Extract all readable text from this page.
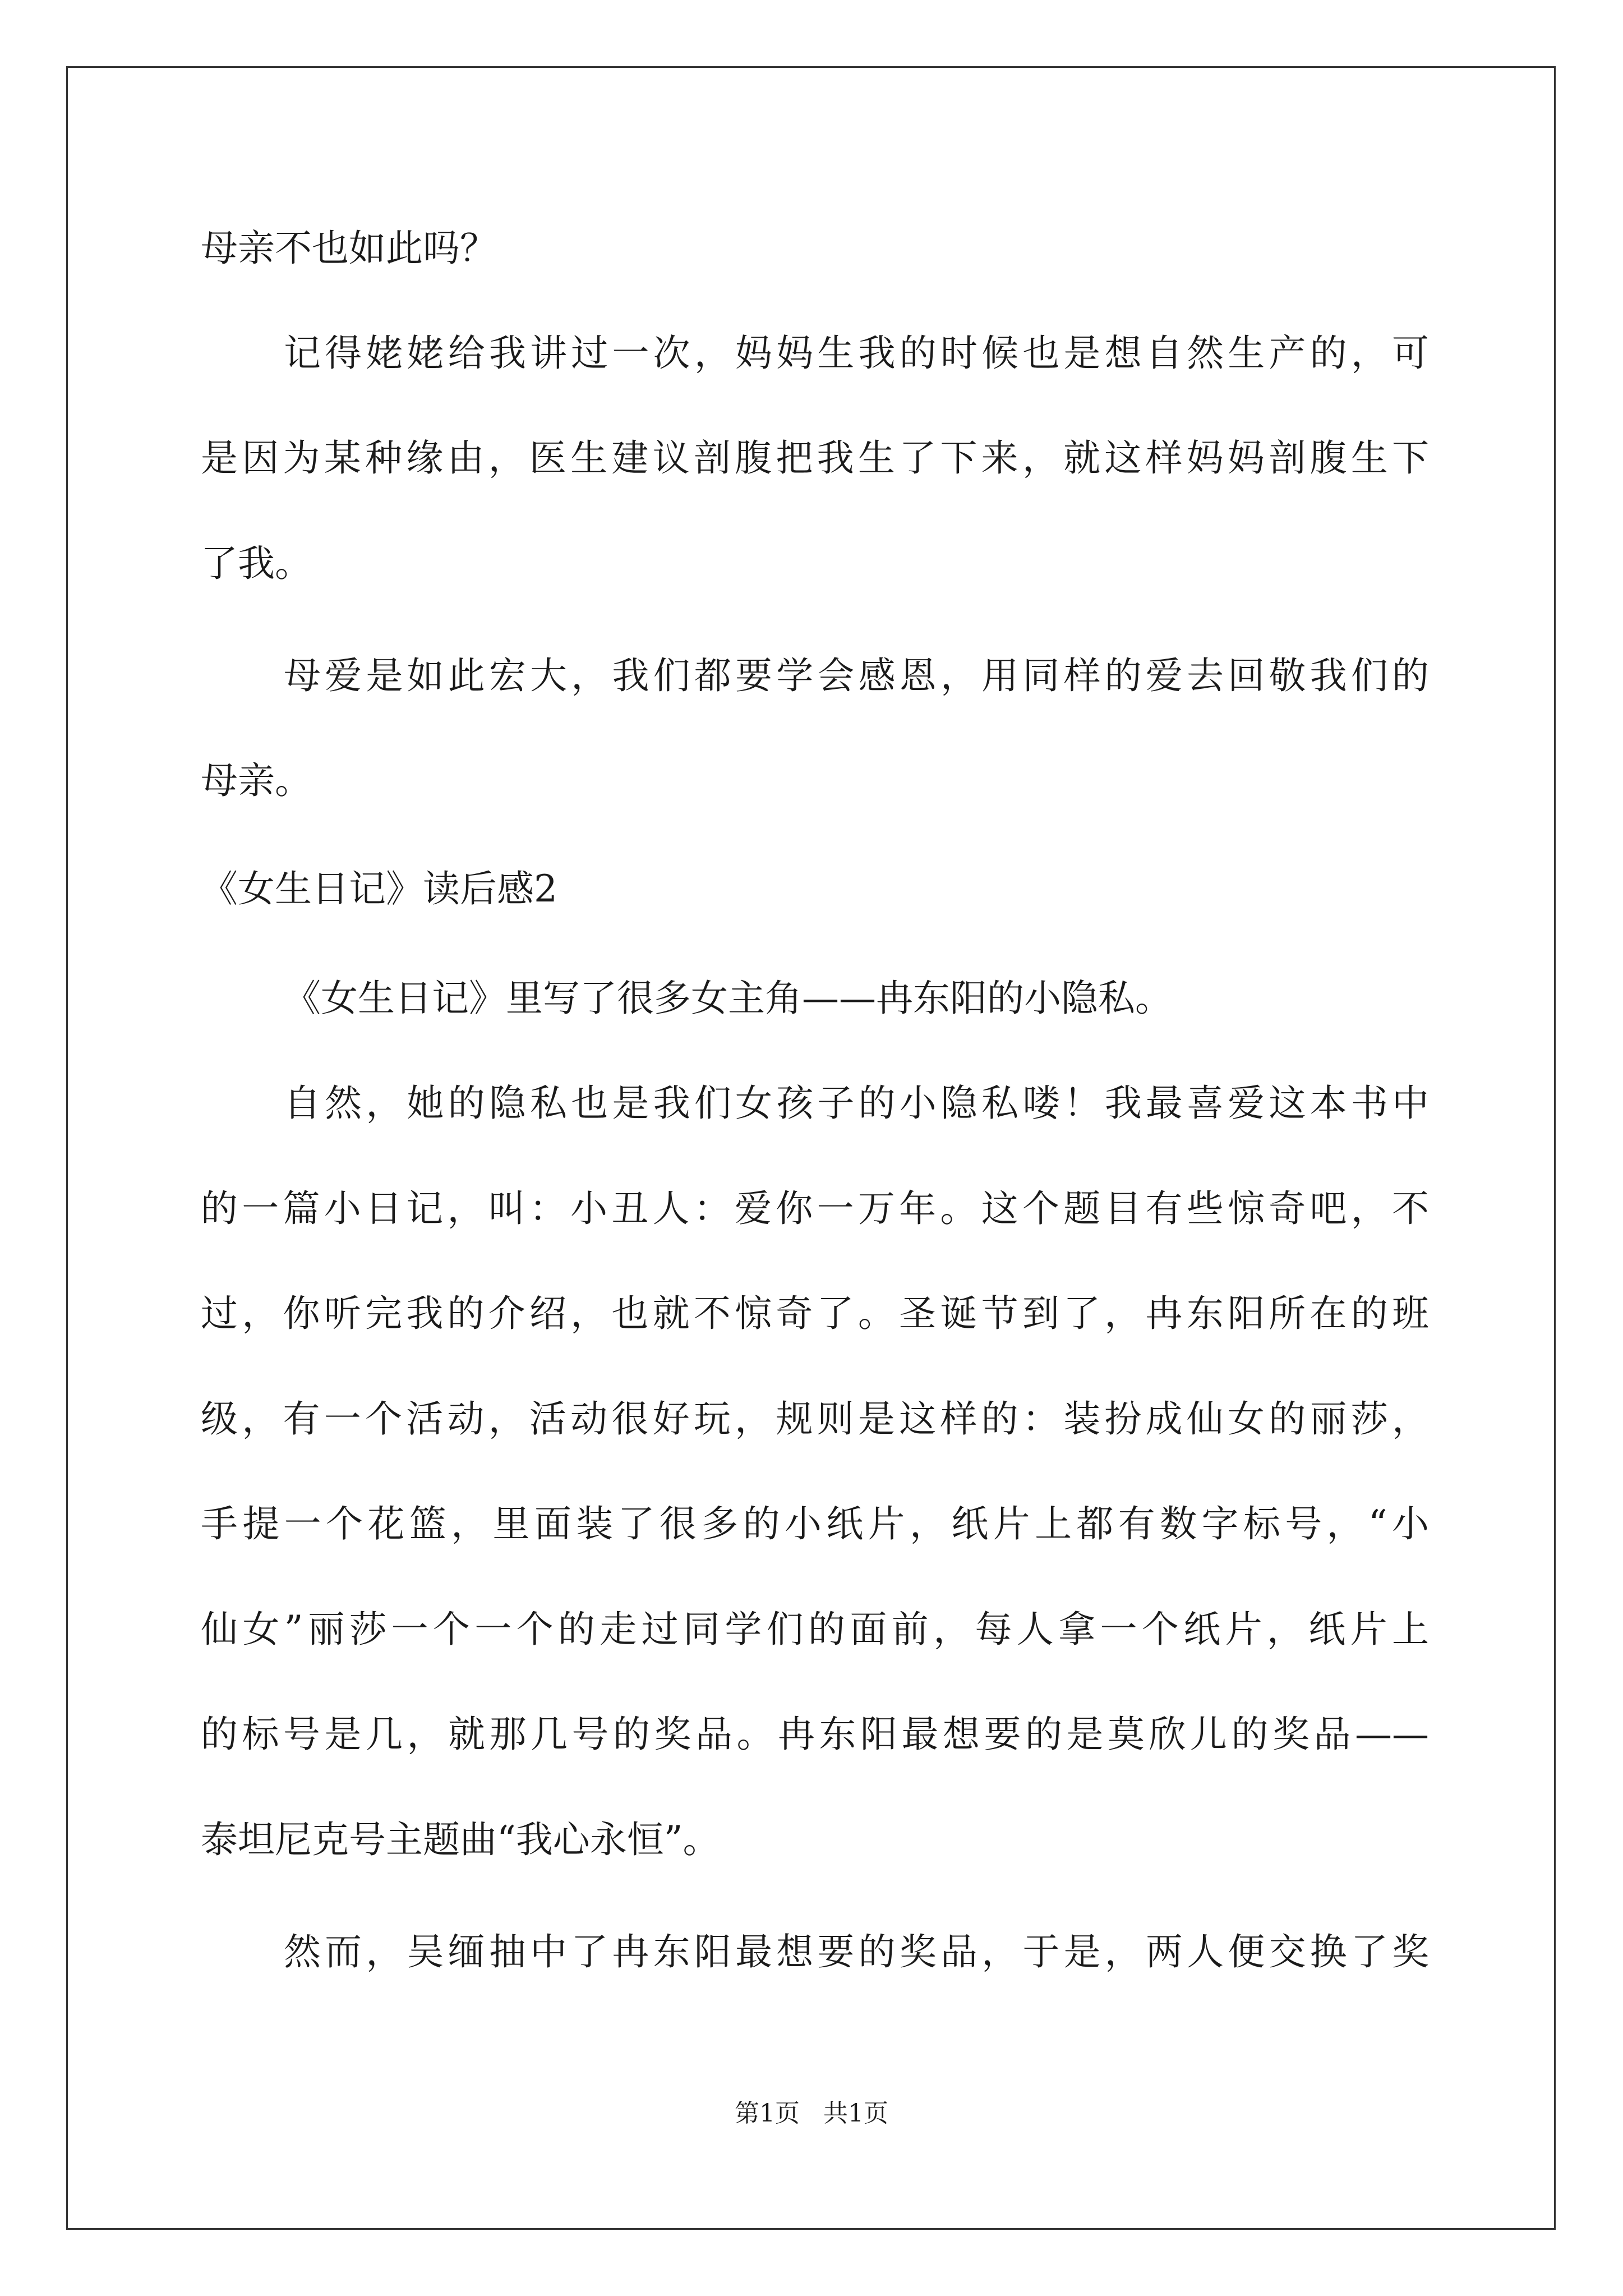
母亲不也如此吗？
记得姥姥给我讲过一次，妈妈生我的时候也是想自然生产的，可
是因为某种缘由，医生建议剖腹把我生了下来，就这样妈妈剖腹生下
了我。
母爱是如此宏大，我们都要学会感恩，用同样的爱去回敬我们的
母亲。
《女生日记》读后感2
《女生日记》里写了很多女主角——冉东阳的小隐私。
自然，她的隐私也是我们女孩子的小隐私喽！我最喜爱这本书中
的一篇小日记，叫：小丑人：爱你一万年。这个题目有些惊奇吧，不
过，你听完我的介绍，也就不惊奇了。圣诞节到了，冉东阳所在的班
级，有一个活动，活动很好玩，规则是这样的：装扮成仙女的丽莎，
手提一个花篮，里面装了很多的小纸片，纸片上都有数字标号，“小
仙女”丽莎一个一个的走过同学们的面前，每人拿一个纸片，纸片上
的标号是几，就那几号的奖品。冉东阳最想要的是莫欣儿的奖品——
泰坦尼克号主题曲“我心永恒”。
然而，吴缅抽中了冉东阳最想要的奖品，于是，两人便交换了奖
第1页   共1页
